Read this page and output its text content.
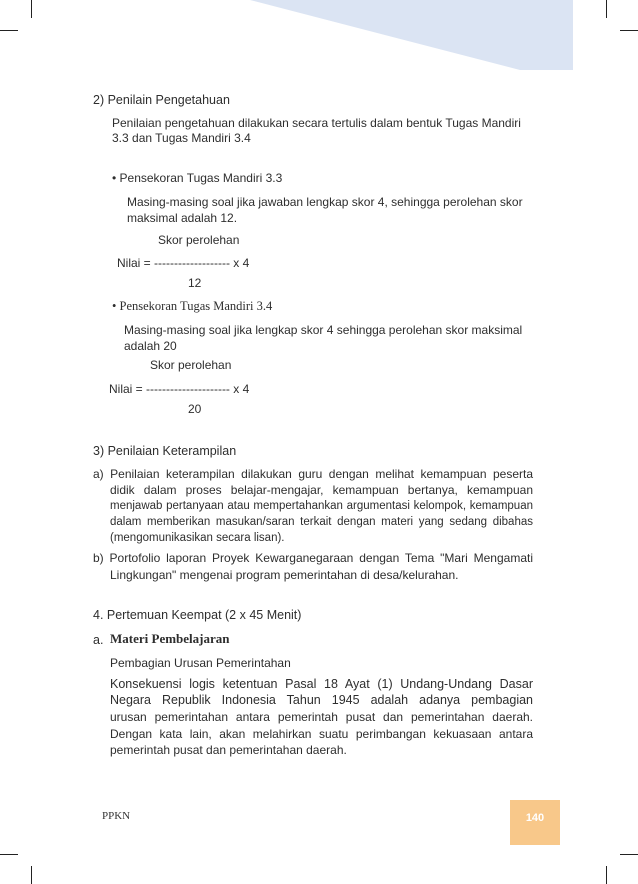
2) Penilain Pengetahuan
Penilaian pengetahuan dilakukan secara tertulis dalam bentuk Tugas Mandiri
3.3 dan Tugas Mandiri 3.4
• Pensekoran Tugas Mandiri 3.3
Masing-masing soal jika jawaban lengkap skor 4, sehingga perolehan skor
maksimal adalah 12.
Skor perolehan
Nilai = ------------------- x 4
12
• Pensekoran Tugas Mandiri 3.4
Masing-masing soal jika lengkap skor 4 sehingga perolehan skor maksimal
adalah 20
Skor perolehan
Nilai = --------------------- x 4
20
3) Penilaian Keterampilan
a) Penilaian keterampilan dilakukan guru dengan melihat kemampuan peserta
didik dalam proses belajar-mengajar, kemampuan bertanya, kemampuan
menjawab pertanyaan atau mempertahankan argumentasi kelompok, kemampuan
dalam memberikan masukan/saran terkait dengan materi yang sedang dibahas
(mengomunikasikan secara lisan).
b) Portofolio laporan Proyek Kewarganegaraan dengan Tema "Mari Mengamati
Lingkungan" mengenai program pemerintahan di desa/kelurahan.
4. Pertemuan Keempat (2 x 45 Menit)
a. Materi Pembelajaran
Pembagian Urusan Pemerintahan
Konsekuensi logis ketentuan Pasal 18 Ayat (1) Undang-Undang Dasar
Negara Republik Indonesia Tahun 1945 adalah adanya pembagian
urusan pemerintahan antara pemerintah pusat dan pemerintahan daerah.
Dengan kata lain, akan melahirkan suatu perimbangan kekuasaan antara
pemerintah pusat dan pemerintahan daerah.
PPKN	140
